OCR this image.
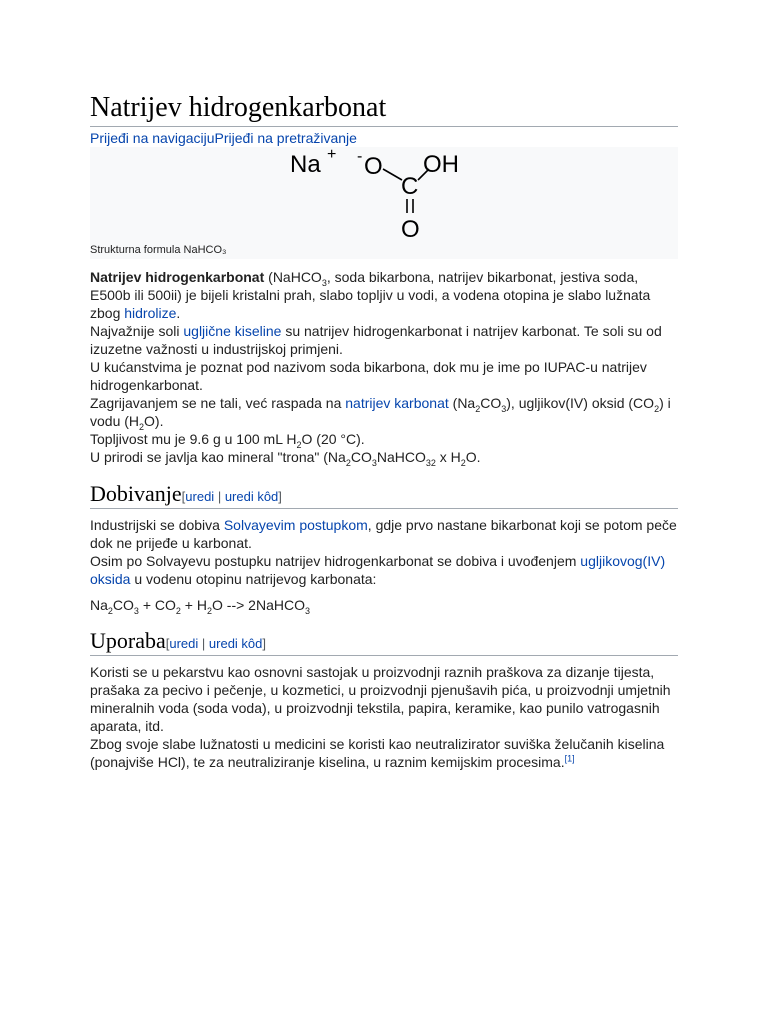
Natrijev hidrogenkarbonat
Prijeđi na navigacijuPrijeđi na pretraživanje
Na + - O
C
OH
O
Strukturna formula NaHCO₃

Natrijev hidrogenkarbonat (NaHCO$_3$, soda bikarbona, natrijev bikarbonat, jestiva soda, E500b ili 500ii) je bijeli kristalni prah, slabo topljiv u vodi, a vodena otopina je slabo lužnata zbog hidrolize.

Najvažnije soli ugljične kiseline su natrijev hidrogenkarbonat i natrijev karbonat. Te soli su od izuzetne važnosti u industrijskoj primjeni.

U kućanstvima je poznat pod nazivom soda bikarbona, dok mu je ime po IUPAC-u natrijev hidrogenkarbonat.

Zagrijavanjem se ne tali, već raspada na natrijev karbonat $(Na_2CO_3)$, ugljikov(IV) oksid $(CO_2)$ i vodu $(H_2O)$.

Topljivost mu je 9.6 g u 100 mL $H_2O$ (20 °C).

U prirodi se javlja kao mineral "trona" ($Na_2CO_3NaHCO_{32}$ x $H_2O$.

Dobivanje[uredi | uredi kôd]

Industrijski se dobiva Solvayevim postupkom, gdje prvo nastane bikarbonat koji se potom peče dok ne prijeđe u karbonat.

Osim po Solvayevu postupku natrijev hidrogenkarbonat se dobiva i uvođenjem ugljikovog(IV) oksida u vodenu otopinu natrijevog karbonata:

$Na_2CO_3 + CO_2 + H_2O$ --> 2NaHCO$_3$
Uporaba[uredi | uredi kôd]

Koristi se u pekarstvu kao osnovni sastojak u proizvodnji raznih praškova za dizanje tijesta, prašaka za pecivo i pečenje, u kozmetici, u proizvodnji pjenušavih pića, u proizvodnji umjetnih mineralnih voda (soda voda), u proizvodnji tekstila, papira, keramike, kao punilo vatrogasnih aparata, itd.

Zbog svoje slabe lužnatosti u medicini se koristi kao neutralizirator suviška želučanih kiselina (ponajviše HCl), te za neutraliziranje kiselina, u raznim kemijskim procesima.[1]
